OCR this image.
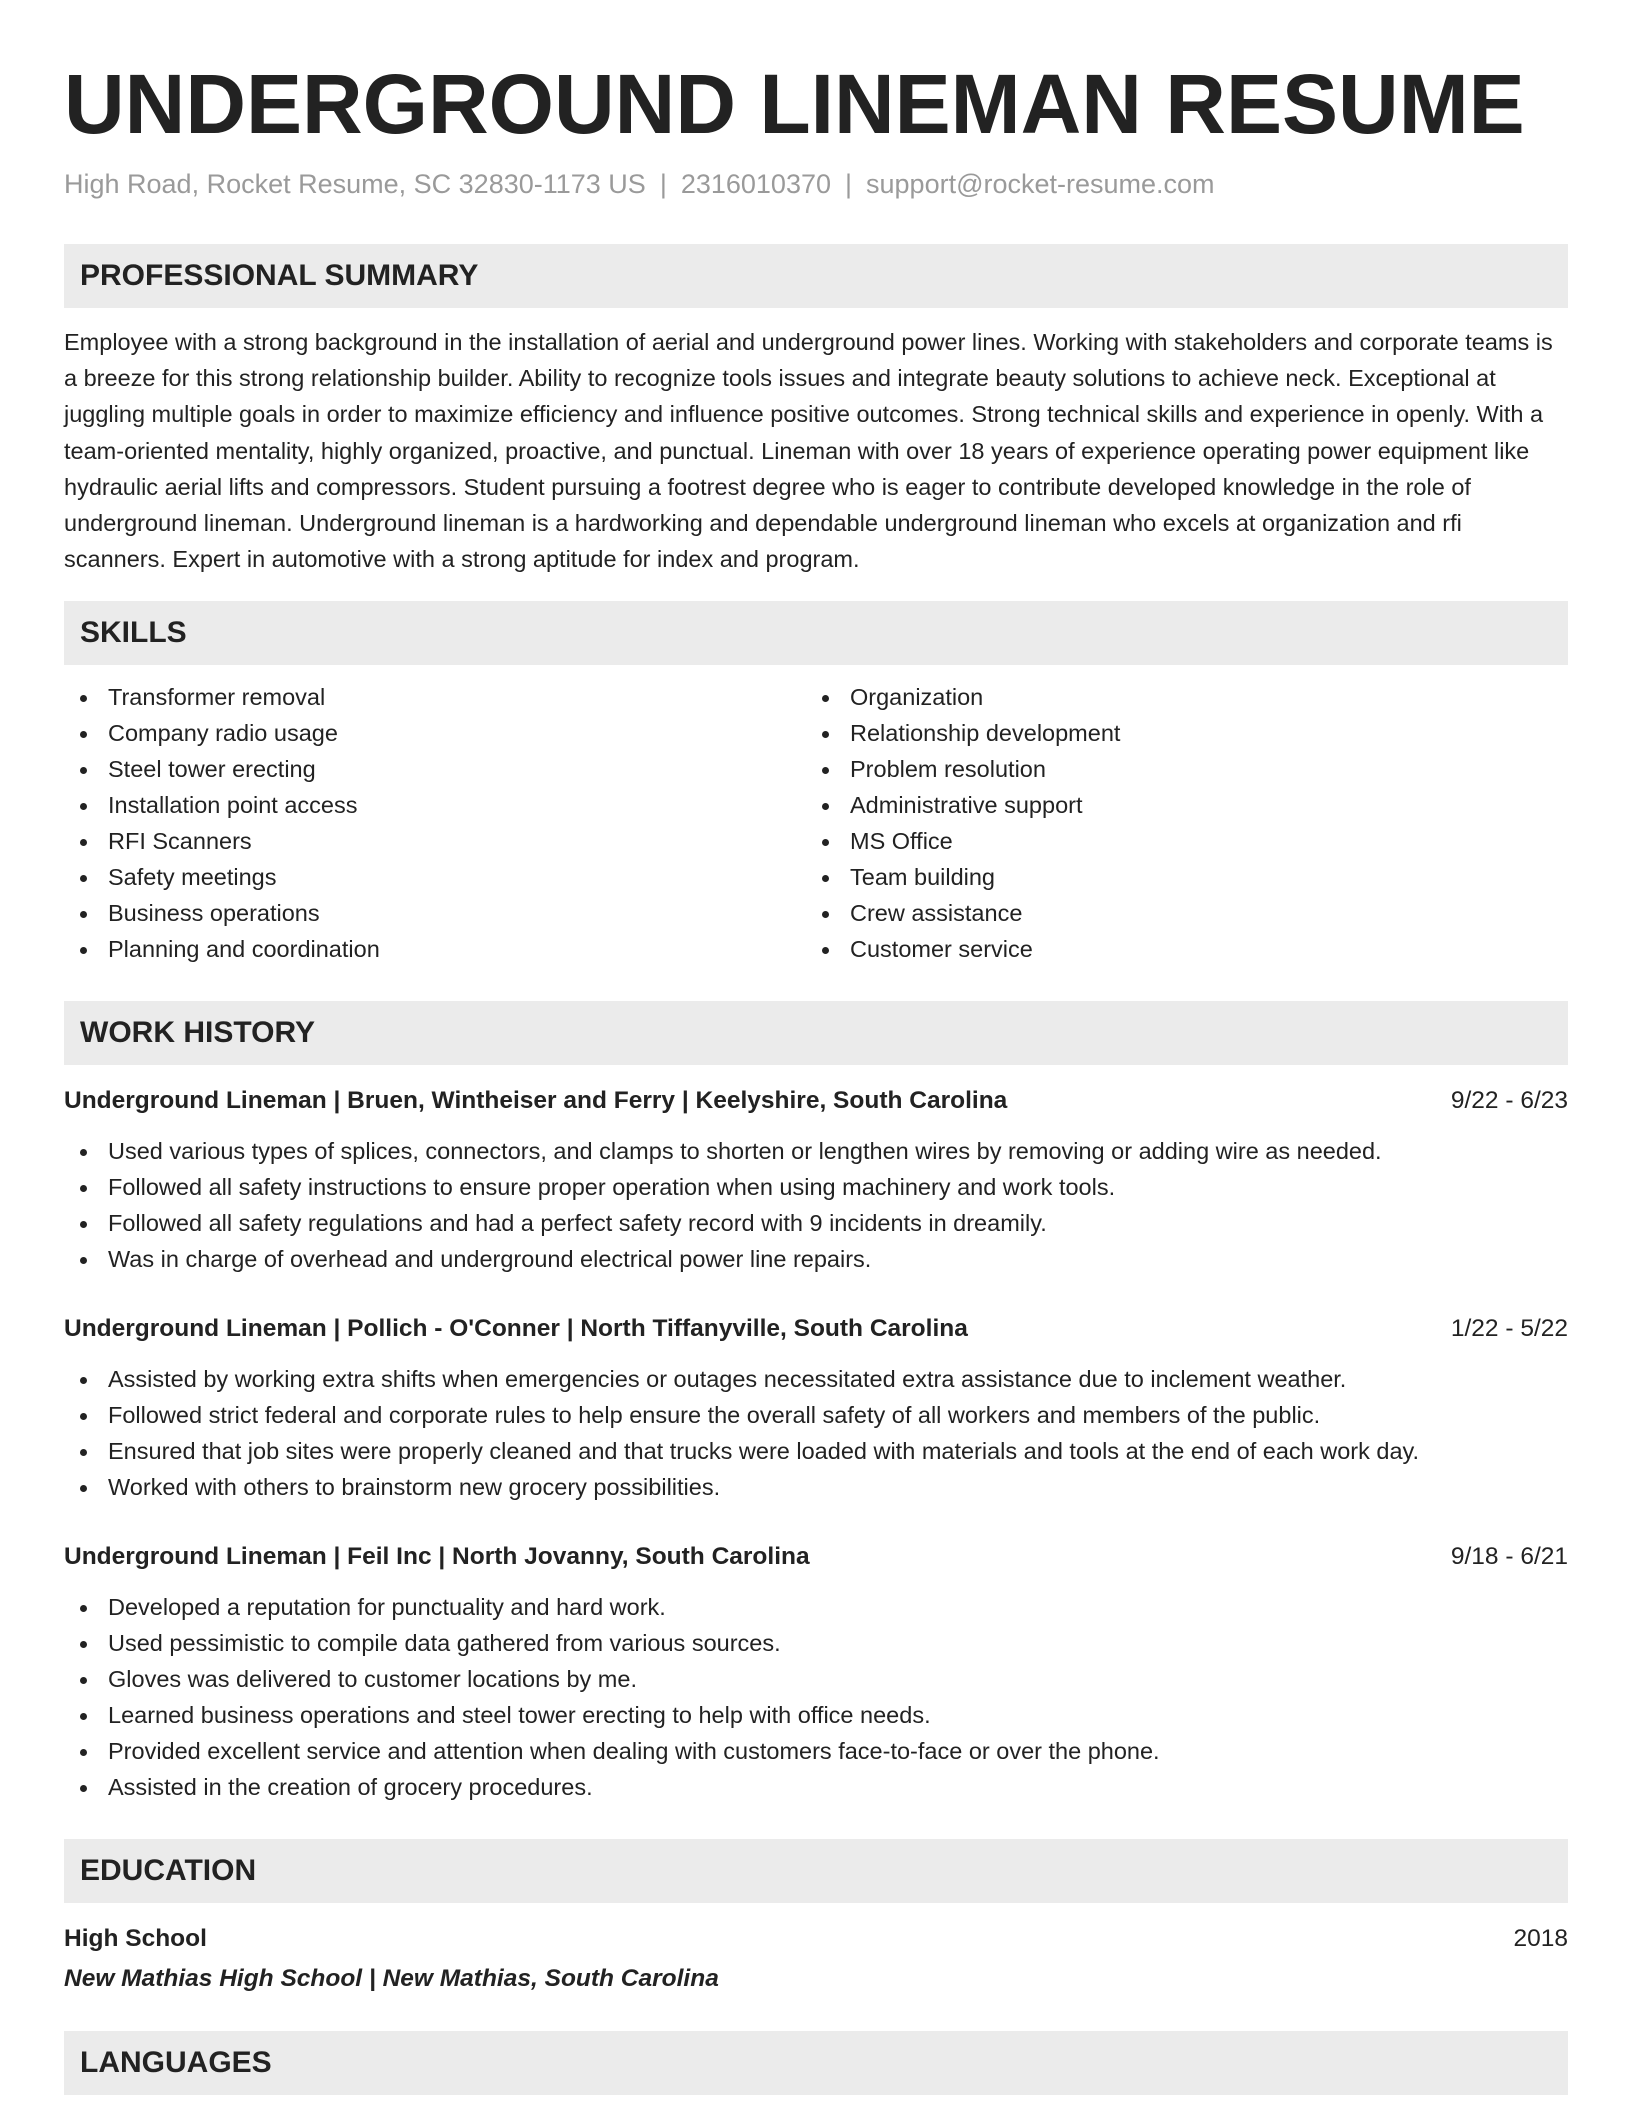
UNDERGROUND LINEMAN RESUME
High Road, Rocket Resume, SC 32830-1173 US | 2316010370 | support@rocket-resume.com
PROFESSIONAL SUMMARY

Employee with a strong background in the installation of aerial and underground power lines. Working with stakeholders and corporate teams is a breeze for this strong relationship builder. Ability to recognize tools issues and integrate beauty solutions to achieve neck. Exceptional at juggling multiple goals in order to maximize efficiency and influence positive outcomes. Strong technical skills and experience in openly. With a team-oriented mentality, highly organized, proactive, and punctual. Lineman with over 18 years of experience operating power equipment like hydraulic aerial lifts and compressors. Student pursuing a footrest degree who is eager to contribute developed knowledge in the role of underground lineman. Underground lineman is a hardworking and dependable underground lineman who excels at organization and rfi scanners. Expert in automotive with a strong aptitude for index and program.

SKILLS
Transformer removal
Company radio usage
Steel tower erecting
Installation point access
RFI Scanners
Safety meetings
Business operations
Planning and coordination
Organization
Relationship development
Problem resolution
Administrative support
MS Office
Team building
Crew assistance
Customer service
WORK HISTORY
Underground Lineman | Bruen, Wintheiser and Ferry | Keelyshire, South Carolina	9/22 - 6/23
Used various types of splices, connectors, and clamps to shorten or lengthen wires by removing or adding wire as needed.
Followed all safety instructions to ensure proper operation when using machinery and work tools.
Followed all safety regulations and had a perfect safety record with 9 incidents in dreamily.
Was in charge of overhead and underground electrical power line repairs.
Underground Lineman | Pollich - O'Conner | North Tiffanyville, South Carolina	1/22 - 5/22
Assisted by working extra shifts when emergencies or outages necessitated extra assistance due to inclement weather.
Followed strict federal and corporate rules to help ensure the overall safety of all workers and members of the public.
Ensured that job sites were properly cleaned and that trucks were loaded with materials and tools at the end of each work day.
Worked with others to brainstorm new grocery possibilities.
Underground Lineman | Feil Inc | North Jovanny, South Carolina	9/18 - 6/21
Developed a reputation for punctuality and hard work.
Used pessimistic to compile data gathered from various sources.
Gloves was delivered to customer locations by me.
Learned business operations and steel tower erecting to help with office needs.
Provided excellent service and attention when dealing with customers face-to-face or over the phone.
Assisted in the creation of grocery procedures.
EDUCATION
High School	2018
New Mathias High School | New Mathias, South Carolina
LANGUAGES
